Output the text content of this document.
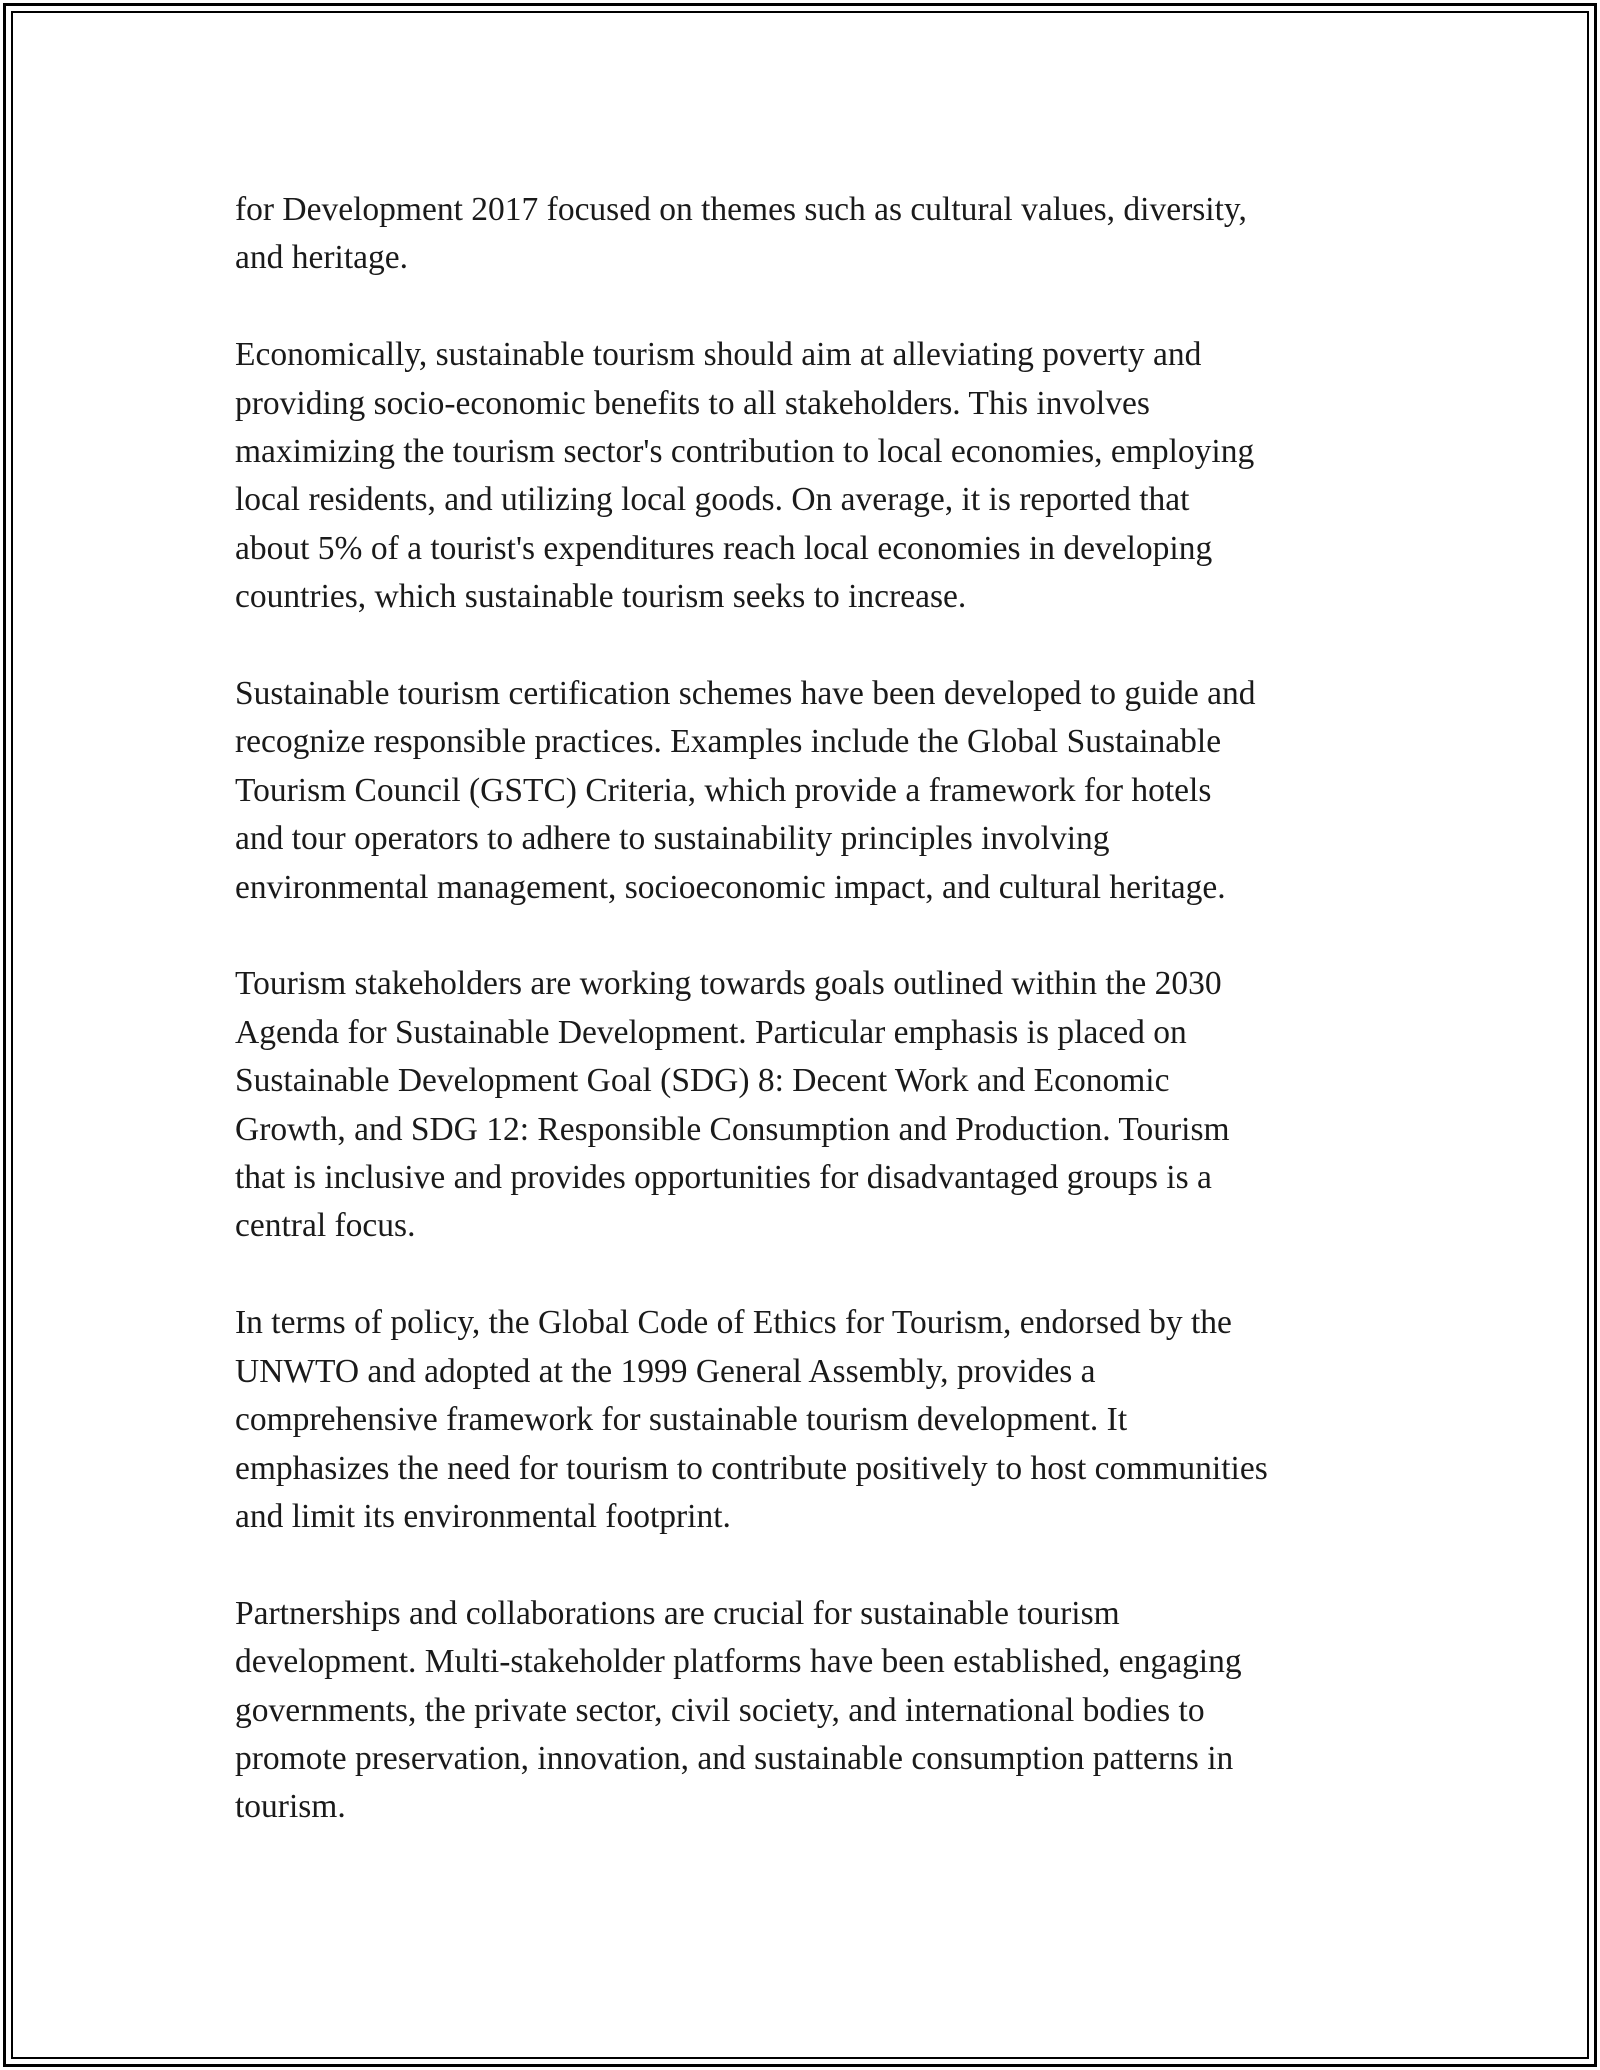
for Development 2017 focused on themes such as cultural values, diversity,
and heritage.

Economically, sustainable tourism should aim at alleviating poverty and
providing socio-economic benefits to all stakeholders. This involves
maximizing the tourism sector's contribution to local economies, employing
local residents, and utilizing local goods. On average, it is reported that
about 5% of a tourist's expenditures reach local economies in developing
countries, which sustainable tourism seeks to increase.

Sustainable tourism certification schemes have been developed to guide and
recognize responsible practices. Examples include the Global Sustainable
Tourism Council (GSTC) Criteria, which provide a framework for hotels
and tour operators to adhere to sustainability principles involving
environmental management, socioeconomic impact, and cultural heritage.

Tourism stakeholders are working towards goals outlined within the 2030
Agenda for Sustainable Development. Particular emphasis is placed on
Sustainable Development Goal (SDG) 8: Decent Work and Economic
Growth, and SDG 12: Responsible Consumption and Production. Tourism
that is inclusive and provides opportunities for disadvantaged groups is a
central focus.

In terms of policy, the Global Code of Ethics for Tourism, endorsed by the
UNWTO and adopted at the 1999 General Assembly, provides a
comprehensive framework for sustainable tourism development. It
emphasizes the need for tourism to contribute positively to host communities
and limit its environmental footprint.

Partnerships and collaborations are crucial for sustainable tourism
development. Multi-stakeholder platforms have been established, engaging
governments, the private sector, civil society, and international bodies to
promote preservation, innovation, and sustainable consumption patterns in
tourism.
